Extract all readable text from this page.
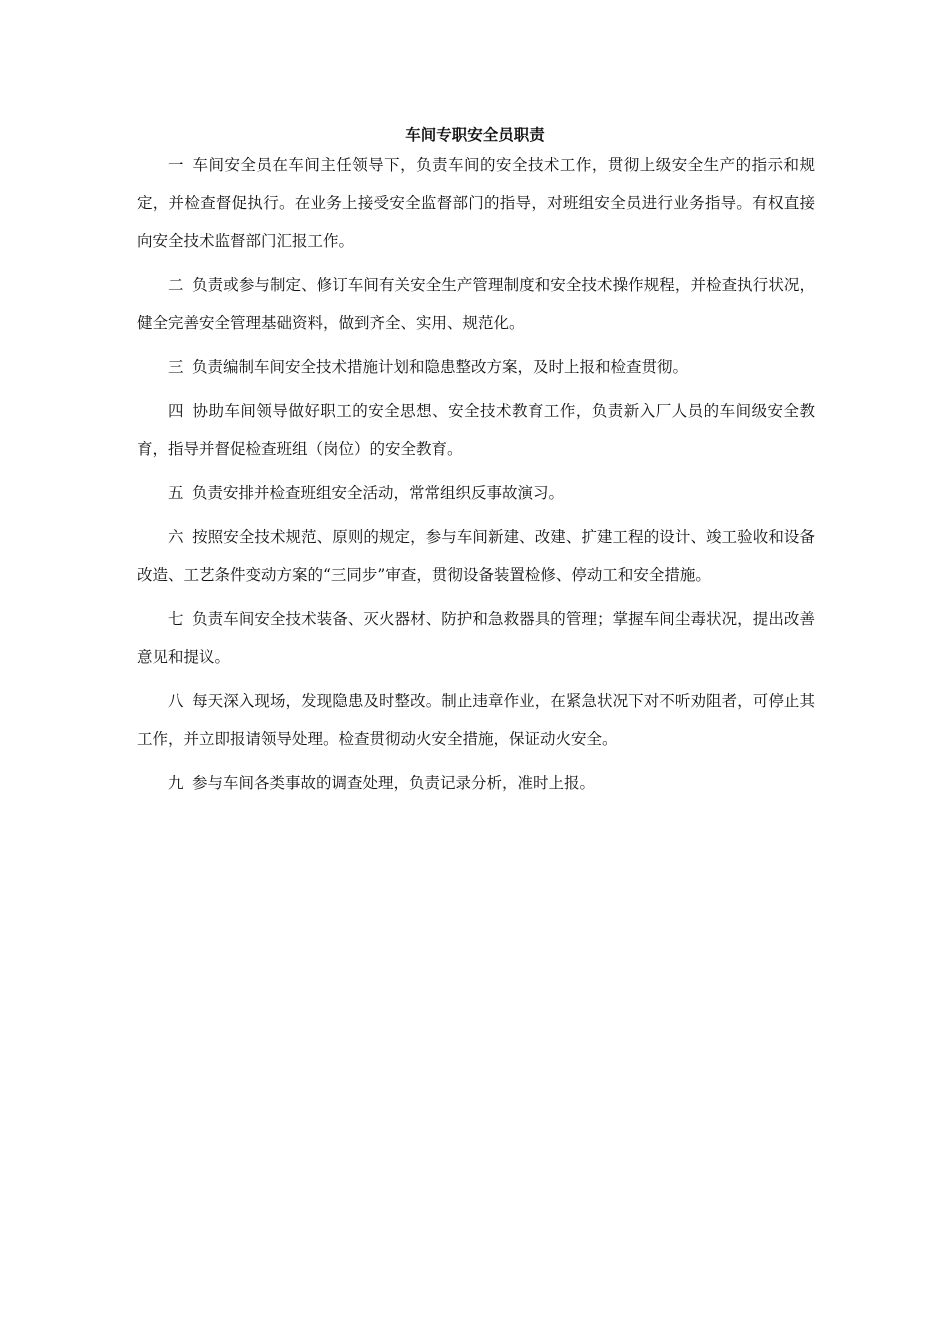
车间专职安全员职责

一 车间安全员在车间主任领导下，负责车间的安全技术工作，贯彻上级安全生产的指示和规定，并检查督促执行。在业务上接受安全监督部门的指导，对班组安全员进行业务指导。有权直接向安全技术监督部门汇报工作。

二 负责或参与制定、修订车间有关安全生产管理制度和安全技术操作规程，并检查执行状况，健全完善安全管理基础资料，做到齐全、实用、规范化。

三 负责编制车间安全技术措施计划和隐患整改方案，及时上报和检查贯彻。

四 协助车间领导做好职工的安全思想、安全技术教育工作，负责新入厂人员的车间级安全教育，指导并督促检查班组（岗位）的安全教育。

五 负责安排并检查班组安全活动，常常组织反事故演习。

六 按照安全技术规范、原则的规定，参与车间新建、改建、扩建工程的设计、竣工验收和设备改造、工艺条件变动方案的“三同步”审查，贯彻设备装置检修、停动工和安全措施。

七 负责车间安全技术装备、灭火器材、防护和急救器具的管理；掌握车间尘毒状况，提出改善意见和提议。

八 每天深入现场，发现隐患及时整改。制止违章作业，在紧急状况下对不听劝阻者，可停止其工作，并立即报请领导处理。检查贯彻动火安全措施，保证动火安全。

九 参与车间各类事故的调查处理，负责记录分析，准时上报。
